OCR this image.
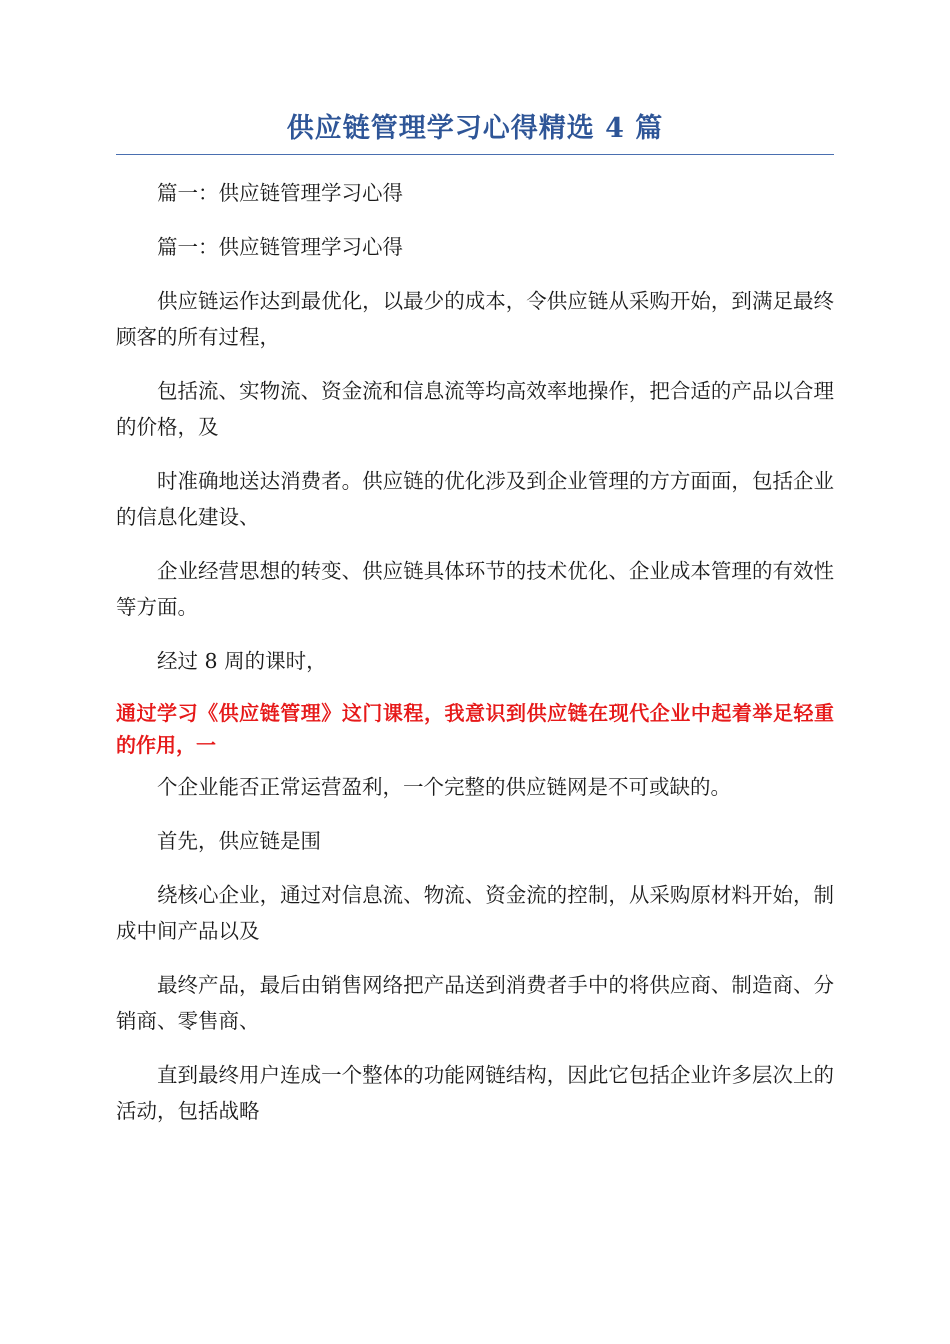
供应链管理学习心得精选 4 篇

篇一：供应链管理学习心得

篇一：供应链管理学习心得

供应链运作达到最优化，以最少的成本，令供应链从采购开始，到满足最终顾客的所有过程，

包括流、实物流、资金流和信息流等均高效率地操作，把合适的产品以合理的价格，及

时准确地送达消费者。供应链的优化涉及到企业管理的方方面面，包括企业的信息化建设、

企业经营思想的转变、供应链具体环节的技术优化、企业成本管理的有效性等方面。

经过 8 周的课时，

通过学习《供应链管理》这门课程，我意识到供应链在现代企业中起着举足轻重的作用，一

个企业能否正常运营盈利，一个完整的供应链网是不可或缺的。

首先，供应链是围

绕核心企业，通过对信息流、物流、资金流的控制，从采购原材料开始，制成中间产品以及

最终产品，最后由销售网络把产品送到消费者手中的将供应商、制造商、分销商、零售商、

直到最终用户连成一个整体的功能网链结构，因此它包括企业许多层次上的活动，包括战略
